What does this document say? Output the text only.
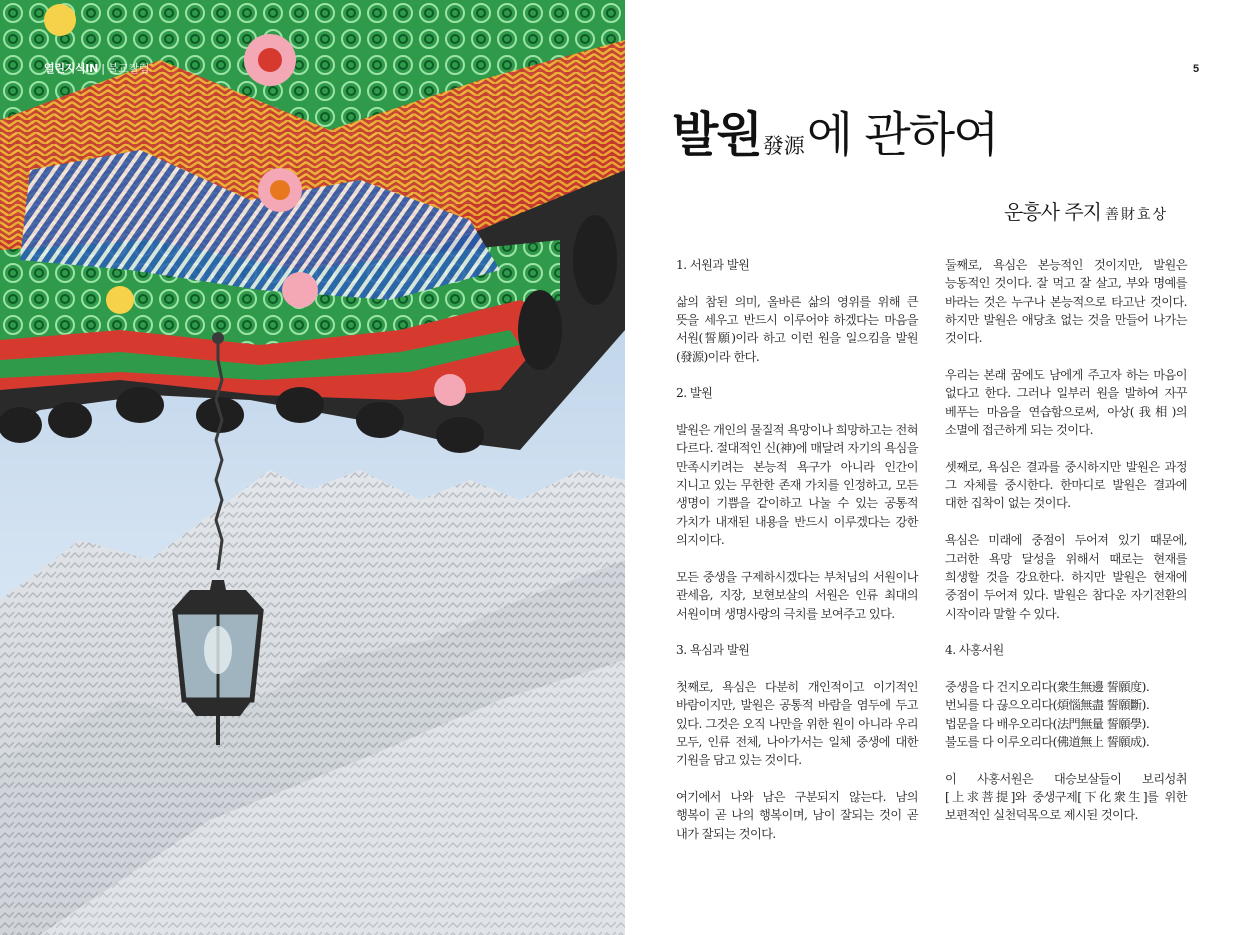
열린지식IN | 불교칼럼	5
발원發源에 관하여
운흥사 주지 善財효상

1. 서원과 발원

삶의 참된 의미, 올바른 삶의 영위를 위해 큰 뜻을 세우고 반드시 이루어야 하겠다는 마음을 서원(誓願)이라 하고 이런 원을 일으킴을 발원(發源)이라 한다.

2. 발원

발원은 개인의 물질적 욕망이나 희망하고는 전혀 다르다. 절대적인 신(神)에 매달려 자기의 욕심을 만족시키려는 본능적 욕구가 아니라 인간이 지니고 있는 무한한 존재 가치를 인정하고, 모든 생명이 기쁨을 같이하고 나눌 수 있는 공통적 가치가 내재된 내용을 반드시 이루겠다는 강한 의지이다.

모든 중생을 구제하시겠다는 부처님의 서원이나 관세음, 지장, 보현보살의 서원은 인류 최대의 서원이며 생명사랑의 극치를 보여주고 있다.

3. 욕심과 발원

첫째로, 욕심은 다분히 개인적이고 이기적인 바람이지만, 발원은 공통적 바람을 염두에 두고 있다. 그것은 오직 나만을 위한 원이 아니라 우리 모두, 인류 전체, 나아가서는 일체 중생에 대한 기원을 담고 있는 것이다.

여기에서 나와 남은 구분되지 않는다. 남의 행복이 곧 나의 행복이며, 남이 잘되는 것이 곧 내가 잘되는 것이다.

둘째로, 욕심은 본능적인 것이지만, 발원은 능동적인 것이다. 잘 먹고 잘 살고, 부와 명예를 바라는 것은 누구나 본능적으로 타고난 것이다. 하지만 발원은 애당초 없는 것을 만들어 나가는 것이다.

우리는 본래 꿈에도 남에게 주고자 하는 마음이 없다고 한다. 그러나 일부러 원을 발하여 자꾸 베푸는 마음을 연습함으로써, 아상(我相)의 소멸에 접근하게 되는 것이다.

셋째로, 욕심은 결과를 중시하지만 발원은 과정 그 자체를 중시한다. 한마디로 발원은 결과에 대한 집착이 없는 것이다.

욕심은 미래에 중점이 두어져 있기 때문에, 그러한 욕망 달성을 위해서 때로는 현재를 희생할 것을 강요한다. 하지만 발원은 현재에 중점이 두어져 있다. 발원은 참다운 자기전환의 시작이라 말할 수 있다.

4. 사홍서원

중생을 다 건지오리다(衆生無邊 誓願度).
번뇌를 다 끊으오리다(煩惱無盡 誓願斷).
법문을 다 배우오리다(法門無量 誓願學).
불도를 다 이루오리다(佛道無上 誓願成).

이 사홍서원은 대승보살들이 보리성취[上求菩提]와 중생구제[下化衆生]를 위한 보편적인 실천덕목으로 제시된 것이다.
